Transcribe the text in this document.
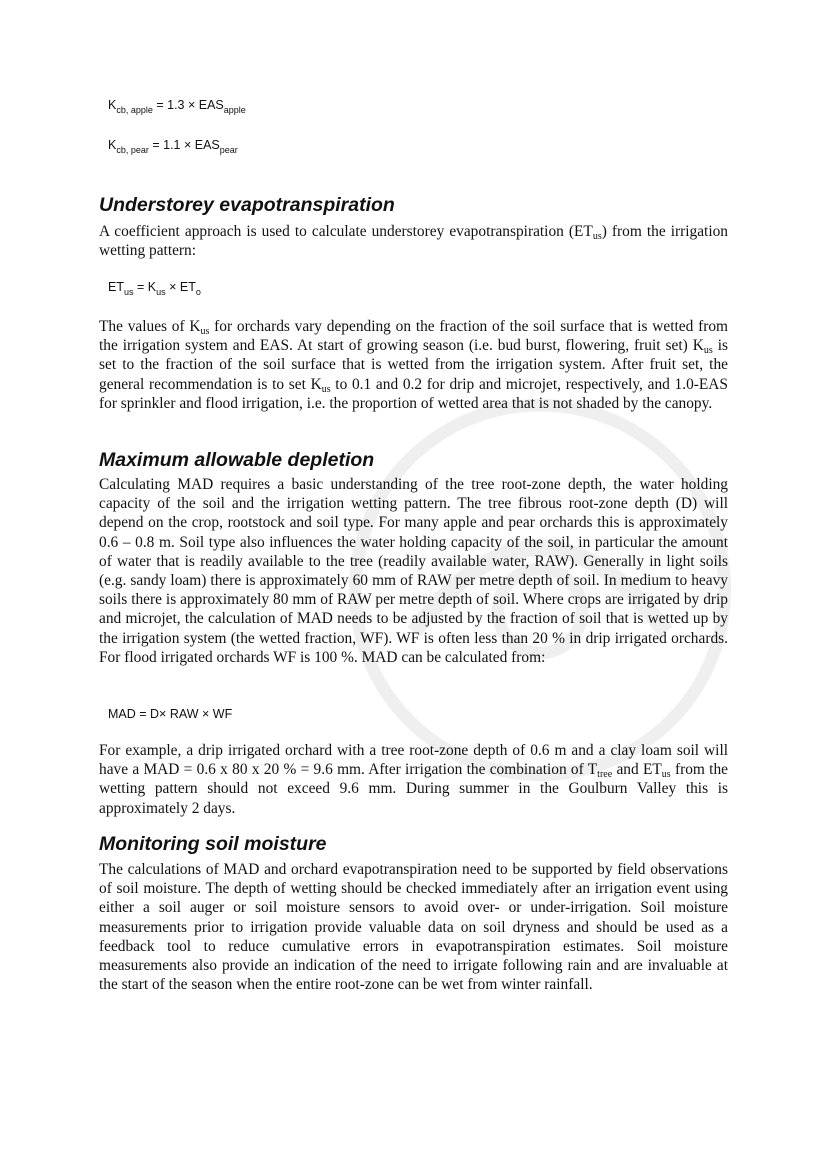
$K_{cb, apple} = 1.3 \times EAS_{apple}$
$K_{cb, pear} = 1.1 \times EAS_{pear}$
Understorey evapotranspiration

A coefficient approach is used to calculate understorey evapotranspiration $(ET_{us})$ from the irrigation wetting pattern:

$ET_{us} = K_{us} \times ET_o$

The values of $K_{us}$ for orchards vary depending on the fraction of the soil surface that is wetted from the irrigation system and EAS. At start of growing season (i.e. bud burst, flowering, fruit set) $K_{us}$ is set to the fraction of the soil surface that is wetted from the irrigation system. After fruit set, the general recommendation is to set $K_{us}$ to 0.1 and 0.2 for drip and microjet, respectively, and 1.0-EAS for sprinkler and flood irrigation, i.e. the proportion of wetted area that is not shaded by the canopy.

Maximum allowable depletion

Calculating MAD requires a basic understanding of the tree root-zone depth, the water holding capacity of the soil and the irrigation wetting pattern. The tree fibrous root-zone depth (D) will depend on the crop, rootstock and soil type. For many apple and pear orchards this is approximately 0.6 – 0.8 m. Soil type also influences the water holding capacity of the soil, in particular the amount of water that is readily available to the tree (readily available water, RAW). Generally in light soils (e.g. sandy loam) there is approximately 60 mm of RAW per metre depth of soil. In medium to heavy soils there is approximately 80 mm of RAW per metre depth of soil. Where crops are irrigated by drip and microjet, the calculation of MAD needs to be adjusted by the fraction of soil that is wetted up by the irrigation system (the wetted fraction, WF). WF is often less than 20 % in drip irrigated orchards. For flood irrigated orchards WF is 100 %. MAD can be calculated from:

MAD = D× RAW × WF

For example, a drip irrigated orchard with a tree root-zone depth of 0.6 m and a clay loam soil will have a MAD = 0.6 x 80 x 20 % = 9.6 mm. After irrigation the combination of $T_{tree}$ and $ET_{us}$ from the wetting pattern should not exceed 9.6 mm. During summer in the Goulburn Valley this is approximately 2 days.

Monitoring soil moisture

The calculations of MAD and orchard evapotranspiration need to be supported by field observations of soil moisture. The depth of wetting should be checked immediately after an irrigation event using either a soil auger or soil moisture sensors to avoid over- or under-irrigation. Soil moisture measurements prior to irrigation provide valuable data on soil dryness and should be used as a feedback tool to reduce cumulative errors in evapotranspiration estimates. Soil moisture measurements also provide an indication of the need to irrigate following rain and are invaluable at the start of the season when the entire root-zone can be wet from winter rainfall.
